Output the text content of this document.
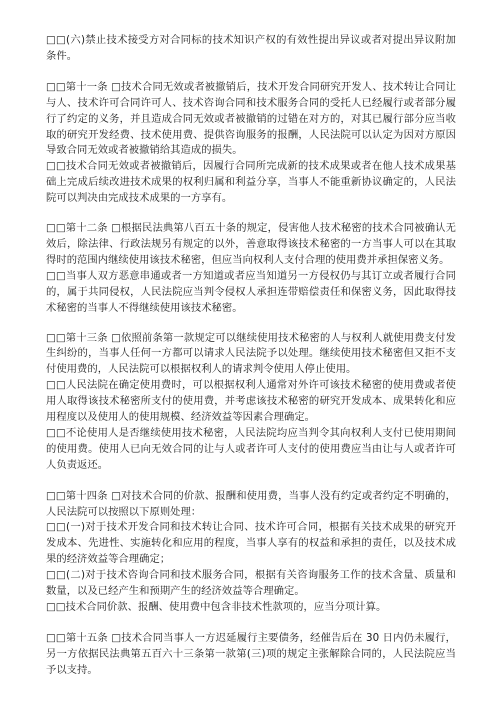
□□(六)禁止技术接受方对合同标的技术知识产权的有效性提出异议或者对提出异议附加条件。

□□第十一条 □技术合同无效或者被撤销后，技术开发合同研究开发人、技术转让合同让与人、技术许可合同许可人、技术咨询合同和技术服务合同的受托人已经履行或者部分履行了约定的义务，并且造成合同无效或者被撤销的过错在对方的，对其已履行部分应当收取的研究开发经费、技术使用费、提供咨询服务的报酬，人民法院可以认定为因对方原因导致合同无效或者被撤销给其造成的损失。

□□技术合同无效或者被撤销后，因履行合同所完成新的技术成果或者在他人技术成果基础上完成后续改进技术成果的权利归属和利益分享，当事人不能重新协议确定的，人民法院可以判决由完成技术成果的一方享有。

□□第十二条 □根据民法典第八百五十条的规定，侵害他人技术秘密的技术合同被确认无效后，除法律、行政法规另有规定的以外，善意取得该技术秘密的一方当事人可以在其取得时的范围内继续使用该技术秘密，但应当向权利人支付合理的使用费并承担保密义务。

□□当事人双方恶意串通或者一方知道或者应当知道另一方侵权仍与其订立或者履行合同的，属于共同侵权，人民法院应当判令侵权人承担连带赔偿责任和保密义务，因此取得技术秘密的当事人不得继续使用该技术秘密。

□□第十三条 □依照前条第一款规定可以继续使用技术秘密的人与权利人就使用费支付发生纠纷的，当事人任何一方都可以请求人民法院予以处理。继续使用技术秘密但又拒不支付使用费的，人民法院可以根据权利人的请求判令使用人停止使用。

□□人民法院在确定使用费时，可以根据权利人通常对外许可该技术秘密的使用费或者使用人取得该技术秘密所支付的使用费，并考虑该技术秘密的研究开发成本、成果转化和应用程度以及使用人的使用规模、经济效益等因素合理确定。

□□不论使用人是否继续使用技术秘密，人民法院均应当判令其向权利人支付已使用期间的使用费。使用人已向无效合同的让与人或者许可人支付的使用费应当由让与人或者许可人负责返还。

□□第十四条 □对技术合同的价款、报酬和使用费，当事人没有约定或者约定不明确的，人民法院可以按照以下原则处理：

□□(一)对于技术开发合同和技术转让合同、技术许可合同，根据有关技术成果的研究开发成本、先进性、实施转化和应用的程度，当事人享有的权益和承担的责任，以及技术成果的经济效益等合理确定；

□□(二)对于技术咨询合同和技术服务合同，根据有关咨询服务工作的技术含量、质量和数量，以及已经产生和预期产生的经济效益等合理确定。

□□技术合同价款、报酬、使用费中包含非技术性款项的，应当分项计算。

□□第十五条 □技术合同当事人一方迟延履行主要债务，经催告后在 30 日内仍未履行，另一方依据民法典第五百六十三条第一款第(三)项的规定主张解除合同的，人民法院应当予以支持。
